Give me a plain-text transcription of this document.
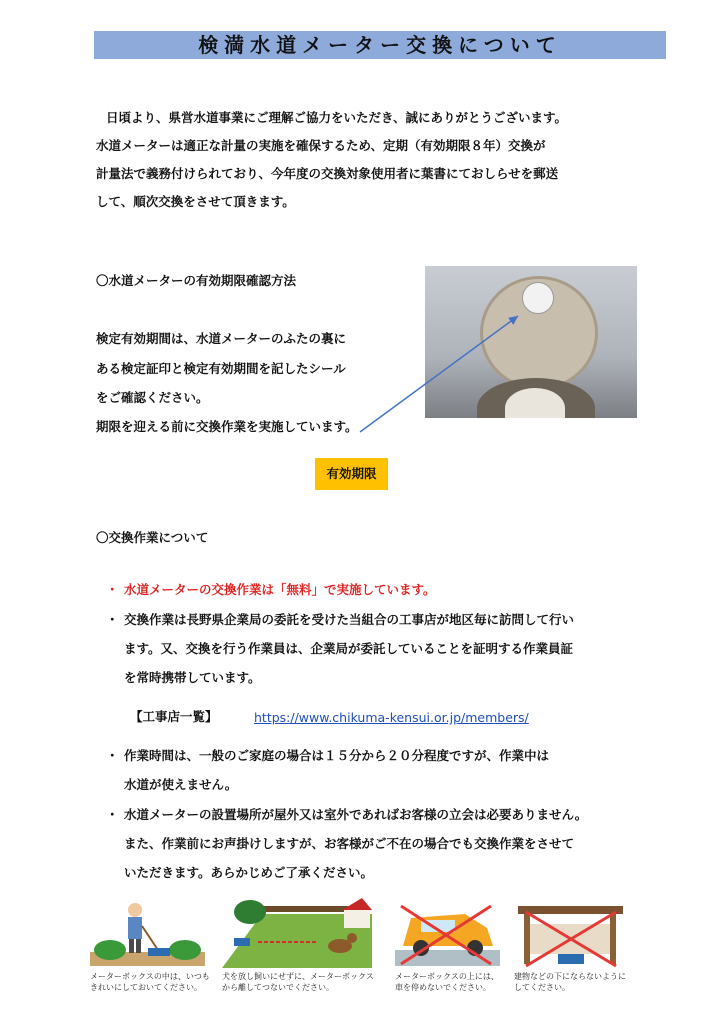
検満水道メーター交換について
日頃より、県営水道事業にご理解ご協力をいただき、誠にありがとうございます。
水道メーターは適正な計量の実施を確保するため、定期（有効期限８年）交換が
計量法で義務付けられており、今年度の交換対象使用者に葉書にておしらせを郵送
して、順次交換をさせて頂きます。
〇水道メーターの有効期限確認方法
検定有効期間は、水道メーターのふたの裏に
ある検定証印と検定有効期間を記したシール
をご確認ください。
期限を迎える前に交換作業を実施しています。
有効期限
〇交換作業について
・ 水道メーターの交換作業は「無料」で実施しています。
・ 交換作業は長野県企業局の委託を受けた当組合の工事店が地区毎に訪問して行い
ます。又、交換を行う作業員は、企業局が委託していることを証明する作業員証
を常時携帯しています。
【工事店一覧】	https://www.chikuma-kensui.or.jp/members/
・ 作業時間は、一般のご家庭の場合は１５分から２０分程度ですが、作業中は
水道が使えません。
・ 水道メーターの設置場所が屋外又は室外であればお客様の立会は必要ありません。
また、作業前にお声掛けしますが、お客様がご不在の場合でも交換作業をさせて
いただきます。あらかじめご了承ください。
メーターボックスの中は、いつも
きれいにしておいてください。
犬を放し飼いにせずに、メーターボックス
から離してつないでください。
メーターボックスの上には、
車を停めないでください。
建物などの下にならないように
してください。
